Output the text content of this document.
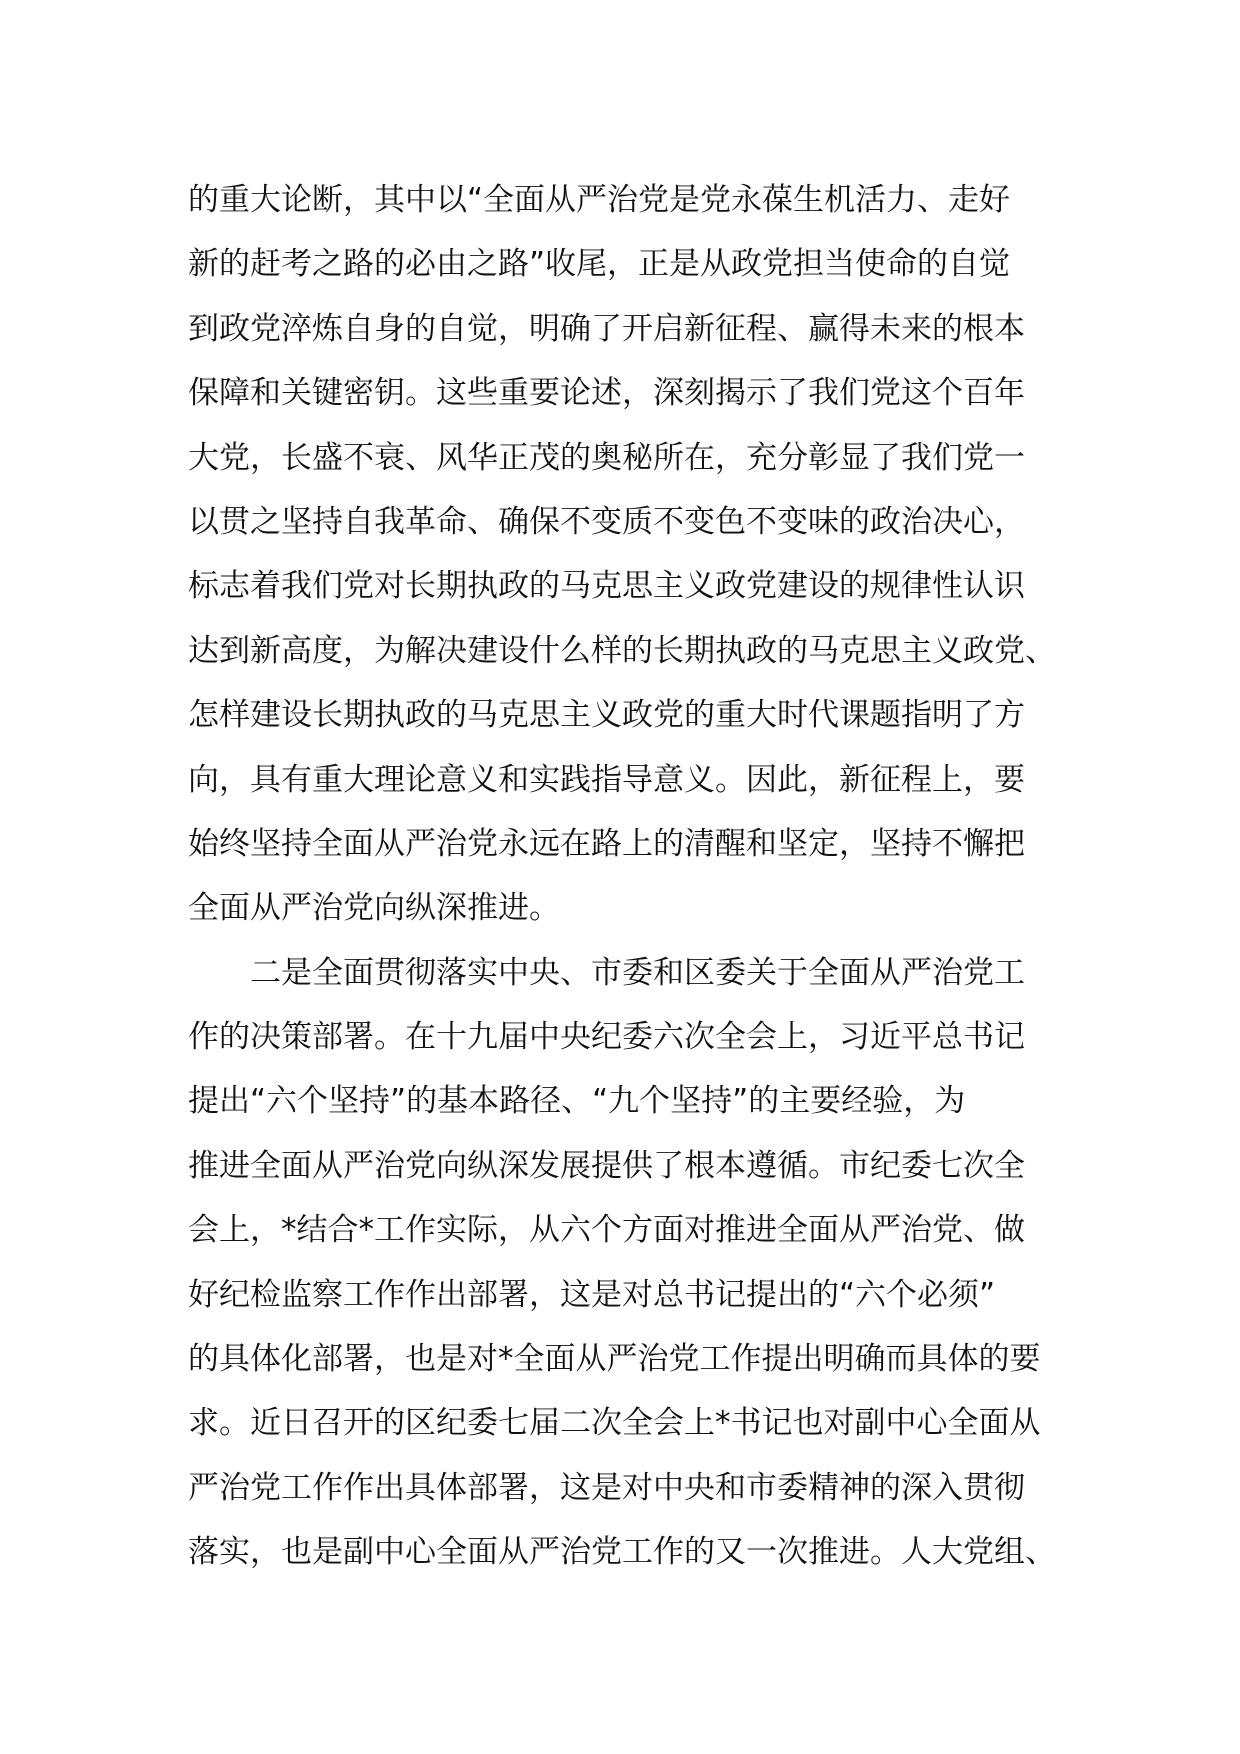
的重大论断，其中以“全面从严治党是党永葆生机活力、走好
新的赶考之路的必由之路”收尾，正是从政党担当使命的自觉
到政党淬炼自身的自觉，明确了开启新征程、赢得未来的根本
保障和关键密钥。这些重要论述，深刻揭示了我们党这个百年
大党，长盛不衰、风华正茂的奥秘所在，充分彰显了我们党一
以贯之坚持自我革命、确保不变质不变色不变味的政治决心，
标志着我们党对长期执政的马克思主义政党建设的规律性认识
达到新高度，为解决建设什么样的长期执政的马克思主义政党、
怎样建设长期执政的马克思主义政党的重大时代课题指明了方
向，具有重大理论意义和实践指导意义。因此，新征程上，要
始终坚持全面从严治党永远在路上的清醒和坚定，坚持不懈把
全面从严治党向纵深推进。
二是全面贯彻落实中央、市委和区委关于全面从严治党工
作的决策部署。在十九届中央纪委六次全会上，习近平总书记
提出“六个坚持”的基本路径、“九个坚持”的主要经验，为
推进全面从严治党向纵深发展提供了根本遵循。市纪委七次全
会上，*结合*工作实际，从六个方面对推进全面从严治党、做
好纪检监察工作作出部署，这是对总书记提出的“六个必须”
的具体化部署，也是对*全面从严治党工作提出明确而具体的要
求。近日召开的区纪委七届二次全会上*书记也对副中心全面从
严治党工作作出具体部署，这是对中央和市委精神的深入贯彻
落实，也是副中心全面从严治党工作的又一次推进。人大党组、
